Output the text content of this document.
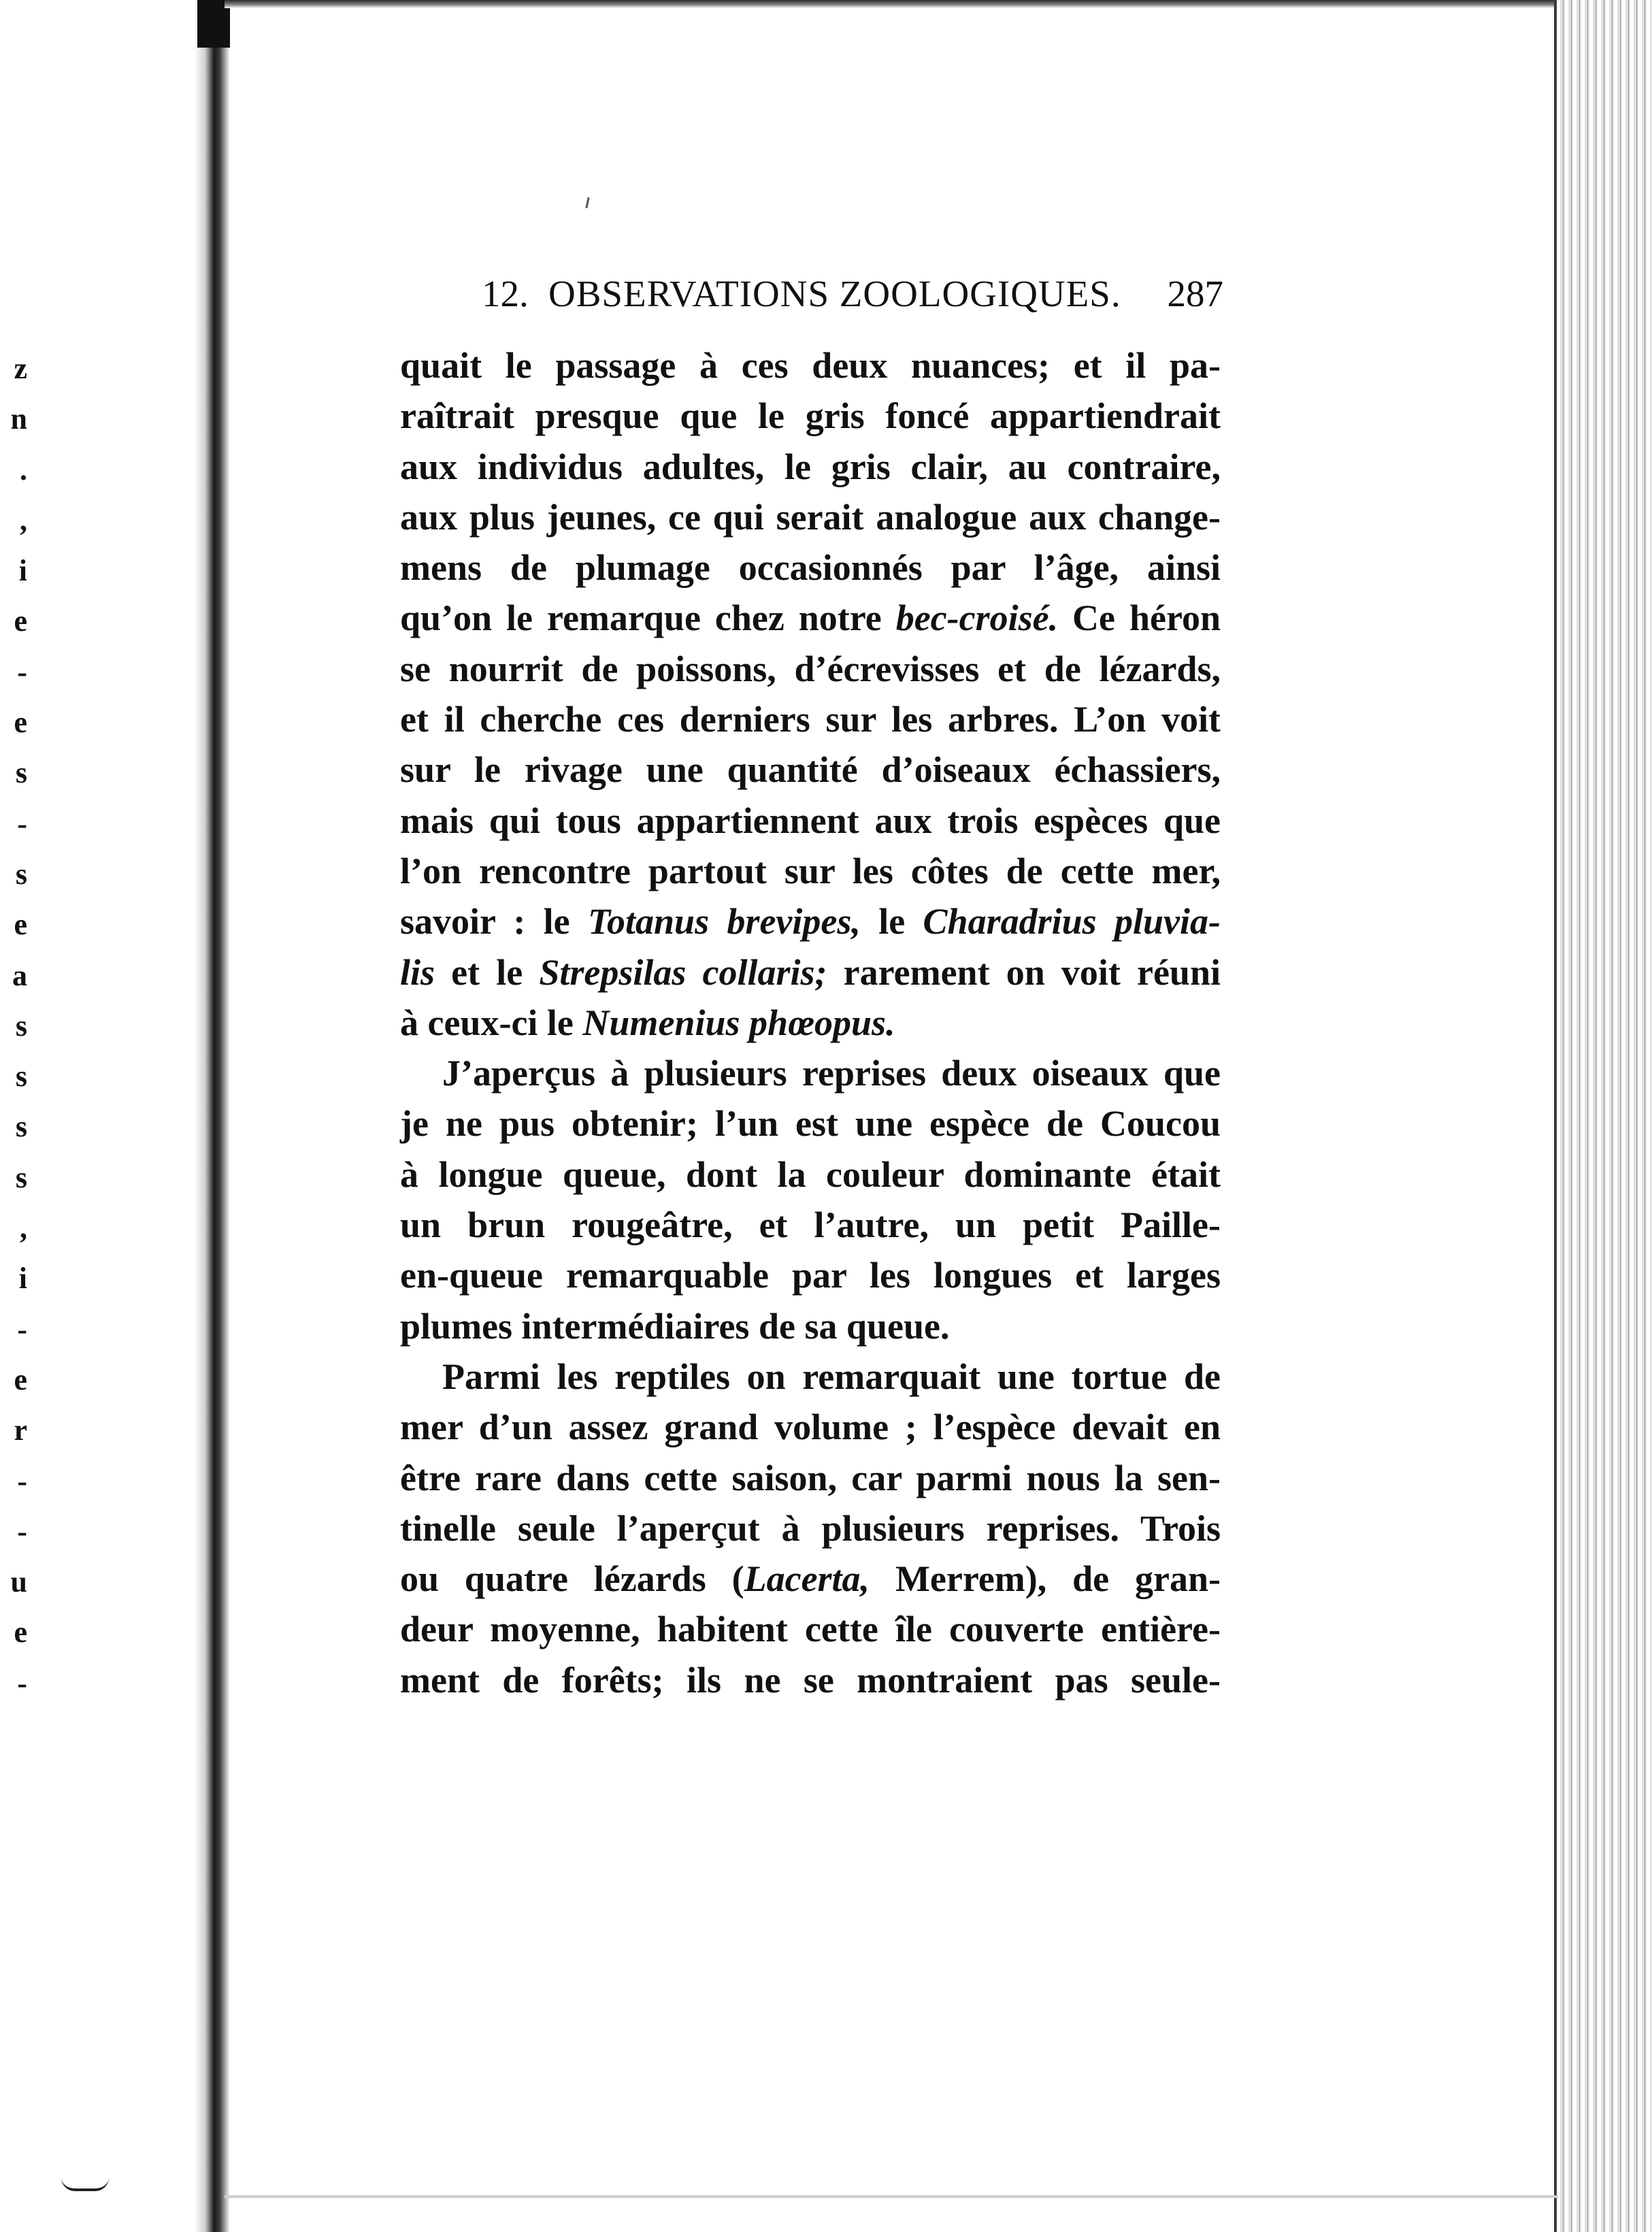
z
n
.
,
i
e
-
e
s
-
s
e
a
s
s
s
s
,
i
-
e
r
-
-
u
e
-
12. OBSERVATIONS ZOOLOGIQUES. 287
quait le passage à ces deux nuances; et il pa-
raîtrait presque que le gris foncé appartiendrait
aux individus adultes, le gris clair, au contraire,
aux plus jeunes, ce qui serait analogue aux change-
mens de plumage occasionnés par l’âge, ainsi
qu’on le remarque chez notre bec-croisé. Ce héron
se nourrit de poissons, d’écrevisses et de lézards,
et il cherche ces derniers sur les arbres. L’on voit
sur le rivage une quantité d’oiseaux échassiers,
mais qui tous appartiennent aux trois espèces que
l’on rencontre partout sur les côtes de cette mer,
savoir : le Totanus brevipes, le Charadrius pluvia-
lis et le Strepsilas collaris; rarement on voit réuni
à ceux-ci le Numenius phœopus.
J’aperçus à plusieurs reprises deux oiseaux que
je ne pus obtenir; l’un est une espèce de Coucou
à longue queue, dont la couleur dominante était
un brun rougeâtre, et l’autre, un petit Paille-
en-queue remarquable par les longues et larges
plumes intermédiaires de sa queue.
Parmi les reptiles on remarquait une tortue de
mer d’un assez grand volume ; l’espèce devait en
être rare dans cette saison, car parmi nous la sen-
tinelle seule l’aperçut à plusieurs reprises. Trois
ou quatre lézards (Lacerta, Merrem), de gran-
deur moyenne, habitent cette île couverte entière-
ment de forêts; ils ne se montraient pas seule-
